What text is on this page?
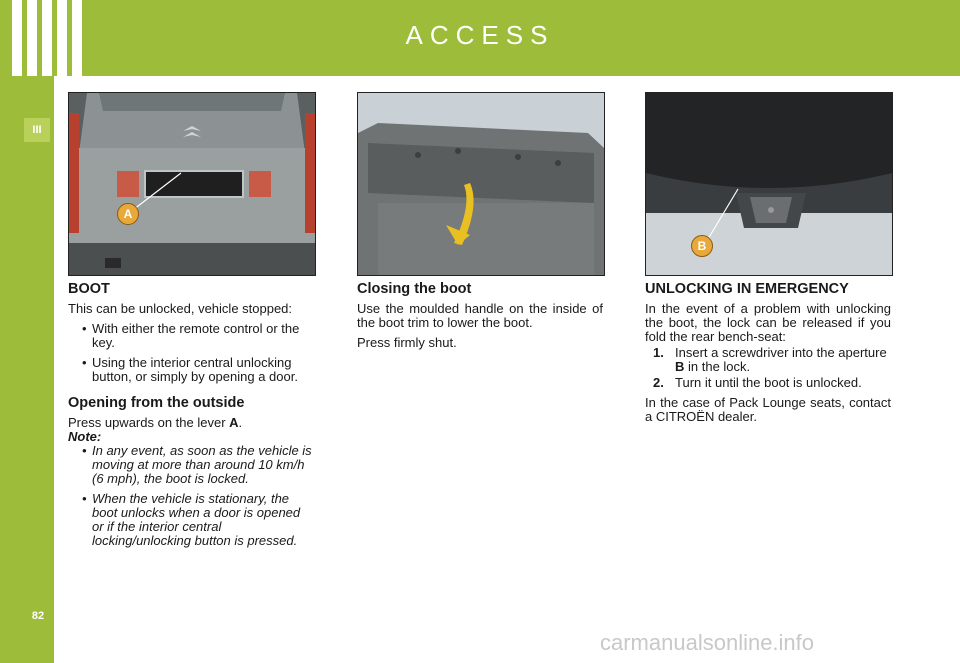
ACCESS
III
82
A
B
BOOT
This can be unlocked, vehicle stopped:
• With either the remote control or the key.
• Using the interior central unlocking button, or simply by opening a door.
Opening from the outside
Press upwards on the lever A.
Note:
• In any event, as soon as the vehicle is moving at more than around 10 km/h (6 mph), the boot is locked.
• When the vehicle is stationary, the boot unlocks when a door is opened or if the interior central locking/unlocking button is pressed.
Closing the boot
Use the moulded handle on the inside of the boot trim to lower the boot.
Press firmly shut.
UNLOCKING IN EMERGENCY
In the event of a problem with unlocking the boot, the lock can be released if you fold the rear bench-seat:
1. Insert a screwdriver into the aperture B in the lock.
2. Turn it until the boot is unlocked.
In the case of Pack Lounge seats, contact a CITROËN dealer.
carmanualsonline.info
